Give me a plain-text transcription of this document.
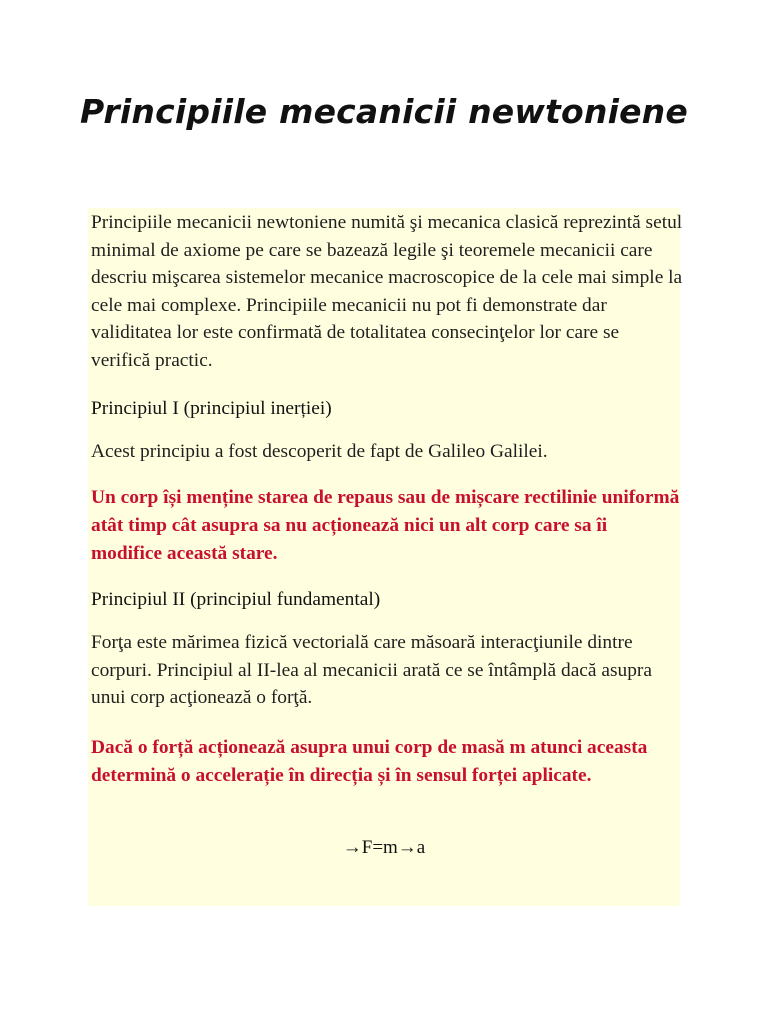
Principiile mecanicii newtoniene

Principiile mecanicii newtoniene numită şi mecanica clasică reprezintă setul minimal de axiome pe care se bazează legile şi teoremele mecanicii care descriu mişcarea sistemelor mecanice macroscopice de la cele mai simple la cele mai complexe. Principiile mecanicii nu pot fi demonstrate dar validitatea lor este confirmată de totalitatea consecinţelor lor care se verifică practic.

Principiul I (principiul inerției)

Acest principiu a fost descoperit de fapt de Galileo Galilei.

Un corp își menține starea de repaus sau de mișcare rectilinie uniformă atât timp cât asupra sa nu acționează nici un alt corp care sa îi modifice această stare.

Principiul II (principiul fundamental)

Forţa este mărimea fizică vectorială care măsoară interacţiunile dintre corpuri. Principiul al II-lea al mecanicii arată ce se întâmplă dacă asupra unui corp acţionează o forţă.

Dacă o forță acționează asupra unui corp de masă m atunci aceasta determină o accelerație în direcția și în sensul forței aplicate.

→F=m→a
